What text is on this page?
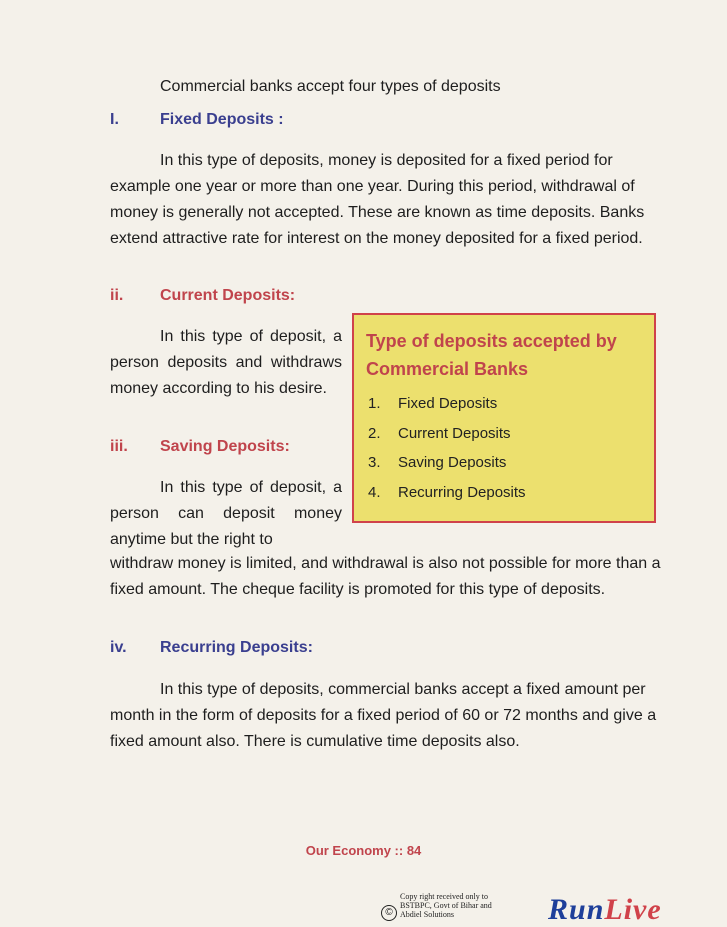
Commercial banks accept four types of deposits
I.	Fixed Deposits :
In this type of deposits, money is deposited for a fixed period for example one year or more than one year. During this period, withdrawal of money is generally not accepted. These are known as time deposits. Banks extend attractive rate for interest on the money deposited for a fixed period.
ii. Current Deposits:
In this type of deposit, a person deposits and withdraws money according to his desire.
iii. Saving Deposits:
In this type of deposit, a person can deposit money anytime but the right to
withdraw money is limited, and withdrawal is also not possible for more than a fixed amount. The cheque facility is promoted for this type of deposits.
iv. Recurring Deposits:
In this type of deposits, commercial banks accept a fixed amount per month in the form of deposits for a fixed period of 60 or 72 months and give a fixed amount also. There is cumulative time deposits also.
Type of deposits accepted by Commercial Banks
1. Fixed Deposits
2. Current Deposits
3. Saving Deposits
4. Recurring Deposits
Our Economy :: 84
©
Copy right received only to
BSTBPC, Govt of Bihar and
Abdiel Solutions	RunLive
